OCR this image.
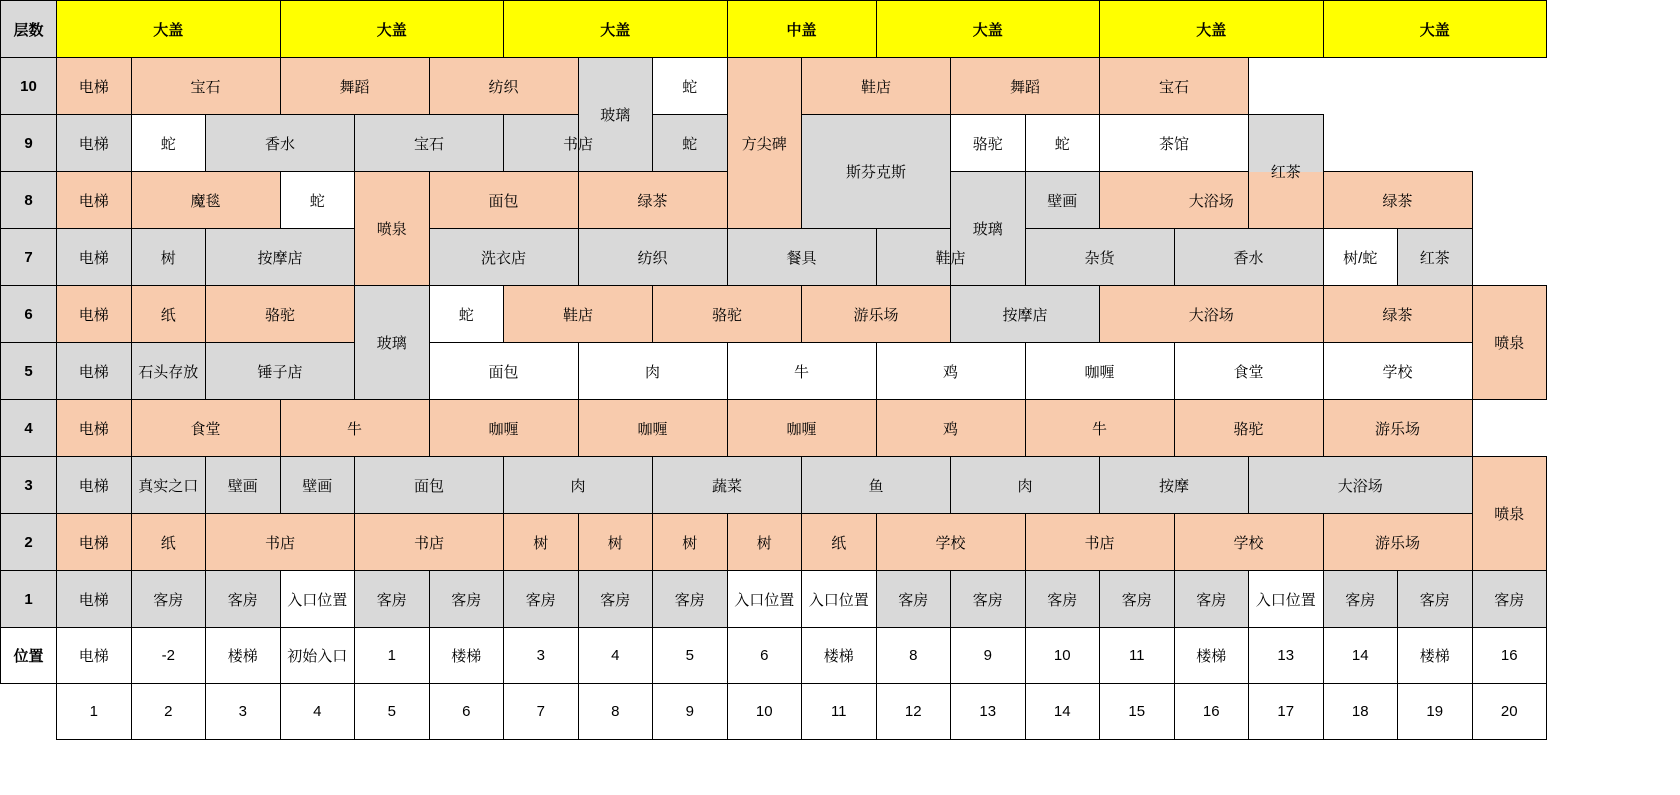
层数	大盖			大盖			大盖			中盖		大盖			大盖			大盖		
10	电梯	宝石		舞蹈		纺织		玻璃	蛇	方尖碑	鞋店		舞蹈		宝石					
9	电梯	蛇	香水		宝石		书店		蛇		斯芬克斯		骆驼	蛇	茶馆		红茶			
8	电梯	魔毯		蛇	喷泉	面包		绿茶					玻璃	壁画	大浴场			绿茶		
7	电梯	树	按摩店			洗衣店		纺织		餐具		鞋店		杂货		香水		树/蛇	红茶	
6	电梯	纸	骆驼		玻璃	蛇	鞋店		骆驼		游乐场		按摩店		大浴场			绿茶		喷泉
5	电梯	石头存放	锤子店			面包		肉		牛		鸡		咖喱		食堂		学校		
4	电梯	食堂		牛		咖喱		咖喱		咖喱		鸡		牛		骆驼		游乐场		
3	电梯	真实之口	壁画	壁画	面包		肉		蔬菜		鱼		肉		按摩		大浴场			喷泉
2	电梯	纸	书店		书店		树	树	树	树	纸	学校		书店		学校		游乐场		
1	电梯	客房	客房	入口位置	客房	客房	客房	客房	客房	入口位置	入口位置	客房	客房	客房	客房	客房	入口位置	客房	客房	客房
位置	电梯	-2	楼梯	初始入口	1	楼梯	3	4	5	6	楼梯	8	9	10	11	楼梯	13	14	楼梯	16
	1	2	3	4	5	6	7	8	9	10	11	12	13	14	15	16	17	18	19	20
